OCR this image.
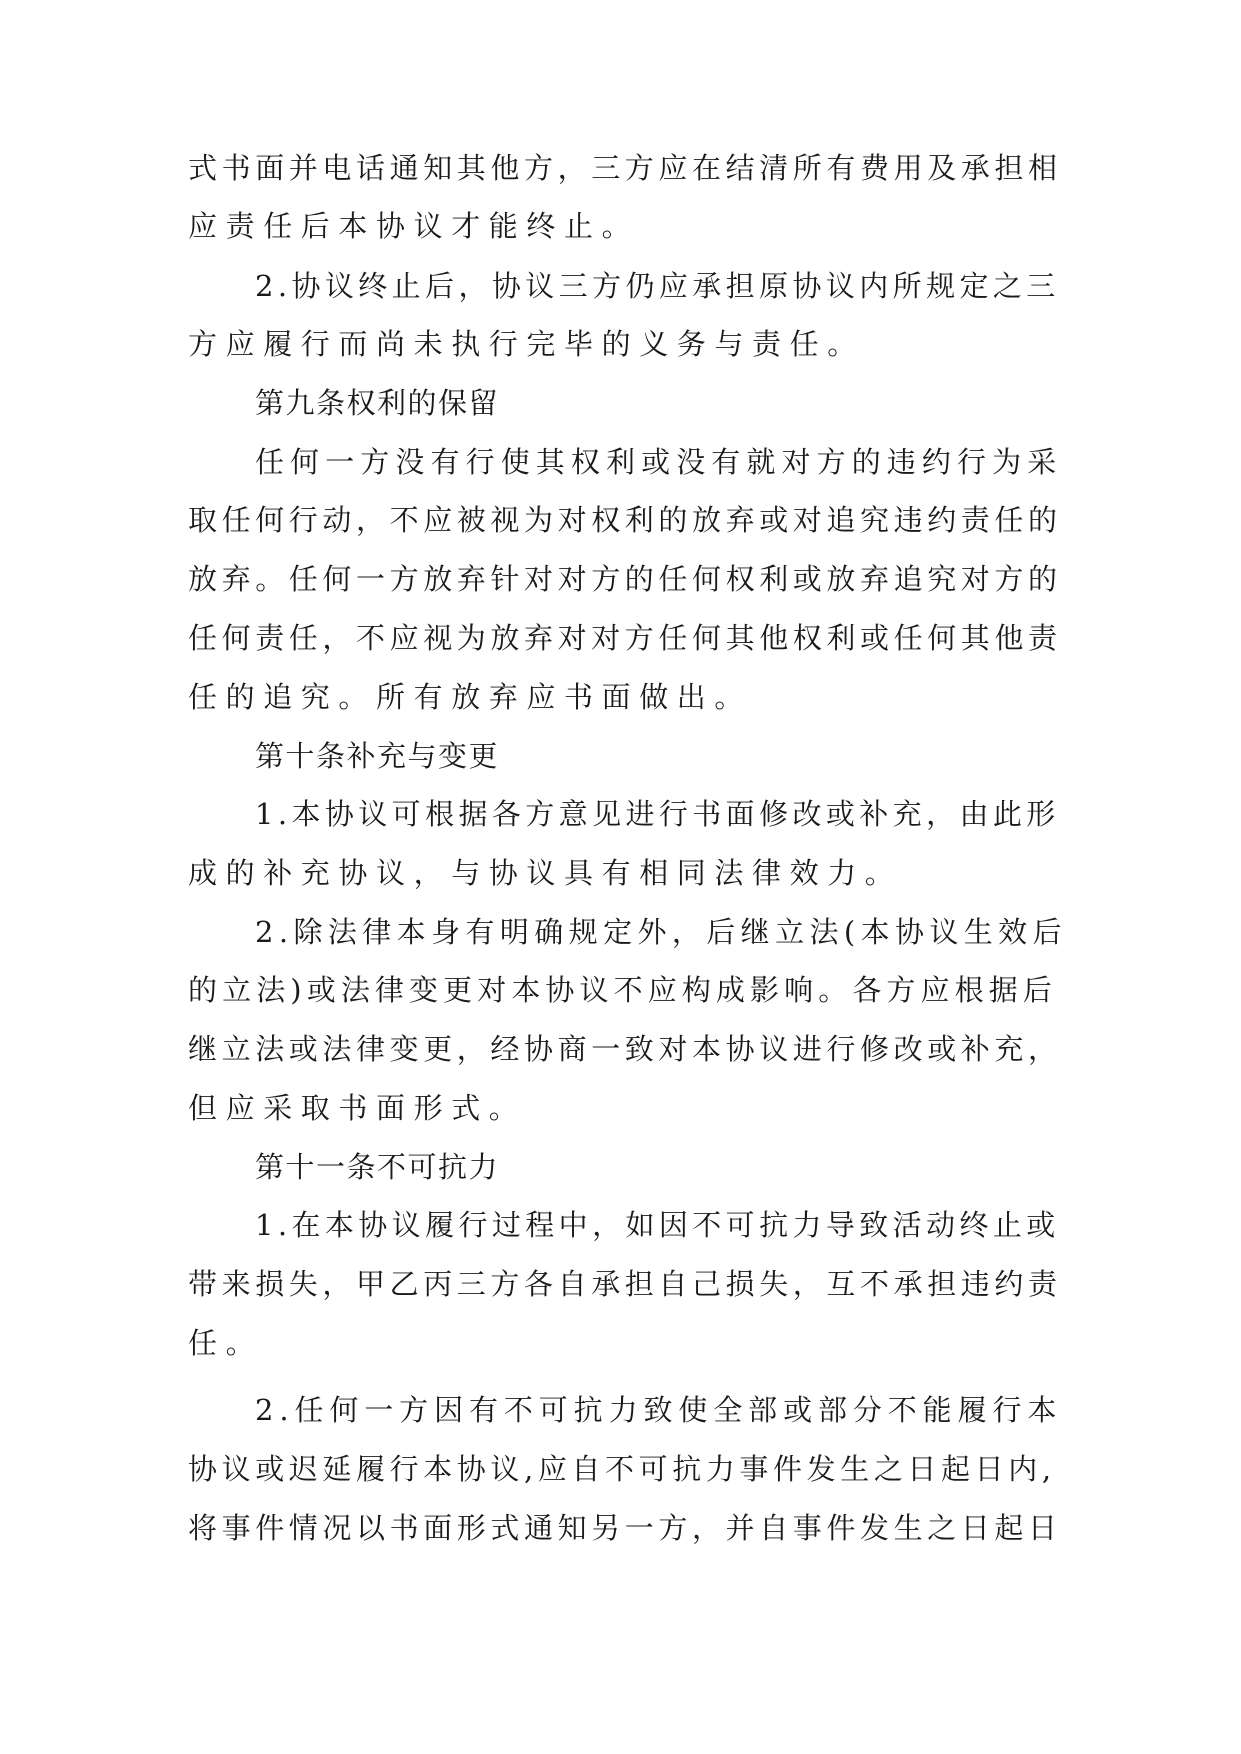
式书面并电话通知其他方，三方应在结清所有费用及承担相
应责任后本协议才能终止。
2.协议终止后，协议三方仍应承担原协议内所规定之三
方应履行而尚未执行完毕的义务与责任。
第九条权利的保留
任何一方没有行使其权利或没有就对方的违约行为采
取任何行动，不应被视为对权利的放弃或对追究违约责任的
放弃。任何一方放弃针对对方的任何权利或放弃追究对方的
任何责任，不应视为放弃对对方任何其他权利或任何其他责
任的追究。所有放弃应书面做出。
第十条补充与变更
1.本协议可根据各方意见进行书面修改或补充，由此形
成的补充协议，与协议具有相同法律效力。
2.除法律本身有明确规定外，后继立法(本协议生效后
的立法)或法律变更对本协议不应构成影响。各方应根据后
继立法或法律变更，经协商一致对本协议进行修改或补充，
但应采取书面形式。
第十一条不可抗力
1.在本协议履行过程中，如因不可抗力导致活动终止或
带来损失，甲乙丙三方各自承担自己损失，互不承担违约责
任。
2.任何一方因有不可抗力致使全部或部分不能履行本
协议或迟延履行本协议,应自不可抗力事件发生之日起日内,
将事件情况以书面形式通知另一方，并自事件发生之日起日
